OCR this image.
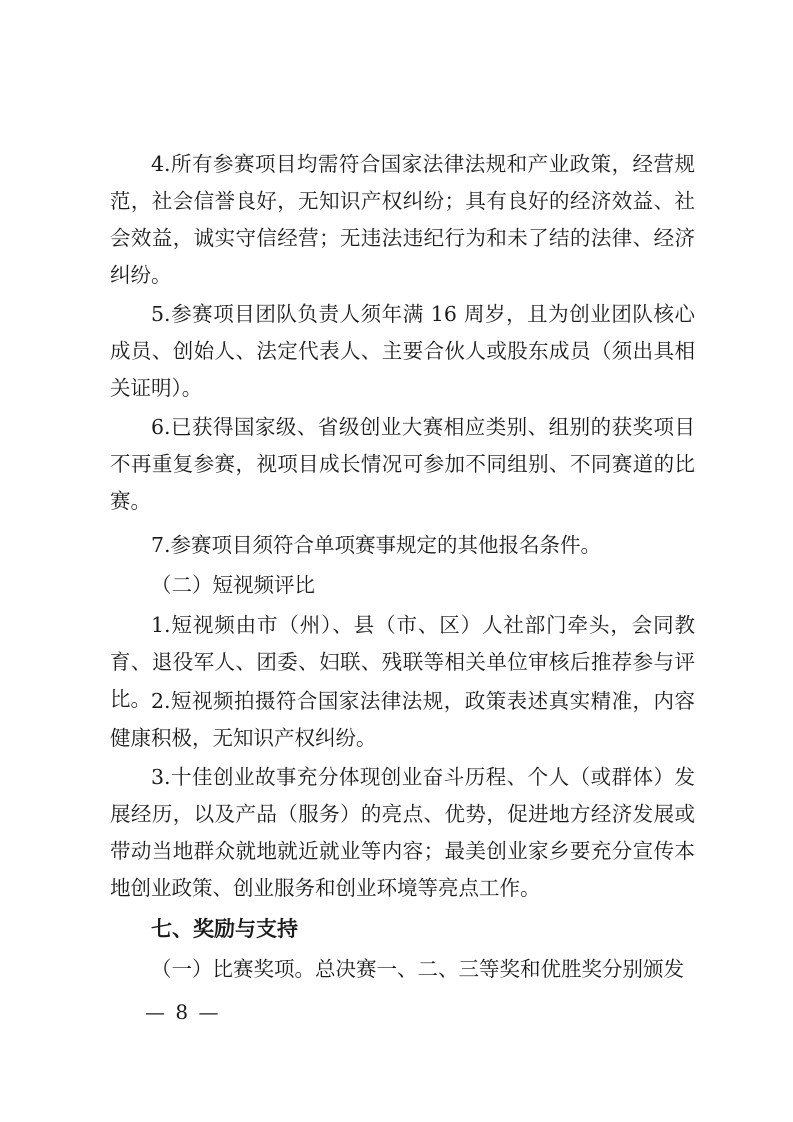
4.所有参赛项目均需符合国家法律法规和产业政策，经营规范，社会信誉良好，无知识产权纠纷；具有良好的经济效益、社会效益，诚实守信经营；无违法违纪行为和未了结的法律、经济纠纷。

5.参赛项目团队负责人须年满 16 周岁，且为创业团队核心成员、创始人、法定代表人、主要合伙人或股东成员（须出具相关证明）。

6.已获得国家级、省级创业大赛相应类别、组别的获奖项目不再重复参赛，视项目成长情况可参加不同组别、不同赛道的比赛。

7.参赛项目须符合单项赛事规定的其他报名条件。

（二）短视频评比

1.短视频由市（州）、县（市、区）人社部门牵头，会同教育、退役军人、团委、妇联、残联等相关单位审核后推荐参与评比。 2.短视频拍摄符合国家法律法规，政策表述真实精准，内容健康积极，无知识产权纠纷。

3.十佳创业故事充分体现创业奋斗历程、个人（或群体）发展经历，以及产品（服务）的亮点、优势，促进地方经济发展或带动当地群众就地就近就业等内容；最美创业家乡要充分宣传本地创业政策、创业服务和创业环境等亮点工作。

七、奖励与支持

（一）比赛奖项。总决赛一、二、三等奖和优胜奖分别颁发

— 8 —
